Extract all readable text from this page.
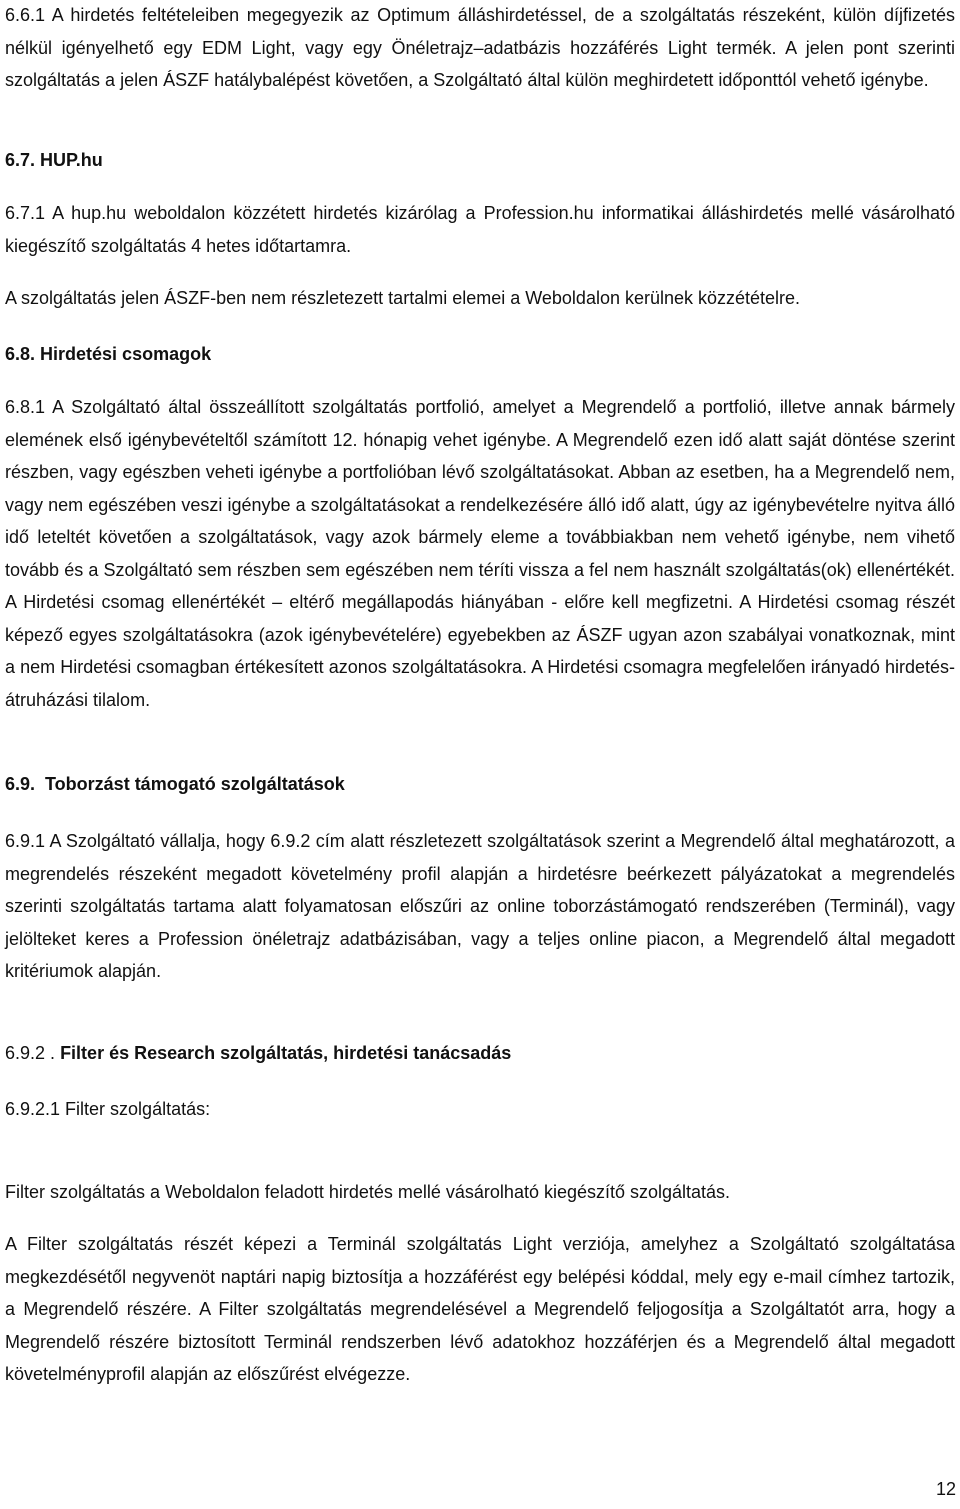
6.6.1 A hirdetés feltételeiben megegyezik az Optimum álláshirdetéssel, de a szolgáltatás részeként, külön díjfizetés nélkül igényelhető egy EDM Light, vagy egy Önéletrajz–adatbázis hozzáférés Light termék. A jelen pont szerinti szolgáltatás a jelen ÁSZF hatálybalépést követően, a Szolgáltató által külön meghirdetett időponttól vehető igénybe.

6.7. HUP.hu

6.7.1 A hup.hu weboldalon közzétett hirdetés kizárólag a Profession.hu informatikai álláshirdetés mellé vásárolható kiegészítő szolgáltatás 4 hetes időtartamra.

A szolgáltatás jelen ÁSZF-ben nem részletezett tartalmi elemei a Weboldalon kerülnek közzétételre.

6.8. Hirdetési csomagok

6.8.1 A Szolgáltató által összeállított szolgáltatás portfolió, amelyet a Megrendelő a portfolió, illetve annak bármely elemének első igénybevételtől számított 12. hónapig vehet igénybe. A Megrendelő ezen idő alatt saját döntése szerint részben, vagy egészben veheti igénybe a portfolióban lévő szolgáltatásokat. Abban az esetben, ha a Megrendelő nem, vagy nem egészében veszi igénybe a szolgáltatásokat a rendelkezésére álló idő alatt, úgy az igénybevételre nyitva álló idő leteltét követően a szolgáltatások, vagy azok bármely eleme a továbbiakban nem vehető igénybe, nem vihető tovább és a Szolgáltató sem részben sem egészében nem téríti vissza a fel nem használt szolgáltatás(ok) ellenértékét. A Hirdetési csomag ellenértékét – eltérő megállapodás hiányában - előre kell megfizetni. A Hirdetési csomag részét képező egyes szolgáltatásokra (azok igénybevételére) egyebekben az ÁSZF ugyan azon szabályai vonatkoznak, mint a nem Hirdetési csomagban értékesített azonos szolgáltatásokra. A Hirdetési csomagra megfelelően irányadó hirdetés- átruházási tilalom.

6.9.  Toborzást támogató szolgáltatások

6.9.1 A Szolgáltató vállalja, hogy 6.9.2 cím alatt részletezett szolgáltatások szerint a Megrendelő által meghatározott, a megrendelés részeként megadott követelmény profil alapján a hirdetésre beérkezett pályázatokat a megrendelés szerinti szolgáltatás tartama alatt folyamatosan előszűri az online toborzástámogató rendszerében (Terminál), vagy jelölteket keres a Profession önéletrajz adatbázisában, vagy a teljes online piacon, a Megrendelő által megadott kritériumok alapján.

6.9.2 . Filter és Research szolgáltatás, hirdetési tanácsadás

6.9.2.1 Filter szolgáltatás:

Filter szolgáltatás a Weboldalon feladott hirdetés mellé vásárolható kiegészítő szolgáltatás.

A Filter szolgáltatás részét képezi a Terminál szolgáltatás Light verziója, amelyhez a Szolgáltató szolgáltatása megkezdésétől negyvenöt naptári napig biztosítja a hozzáférést egy belépési kóddal, mely egy e-mail címhez tartozik, a Megrendelő részére. A Filter szolgáltatás megrendelésével a Megrendelő feljogosítja a Szolgáltatót arra, hogy a Megrendelő részére biztosított Terminál rendszerben lévő adatokhoz hozzáférjen és a Megrendelő által megadott követelményprofil alapján az előszűrést elvégezze.

12
